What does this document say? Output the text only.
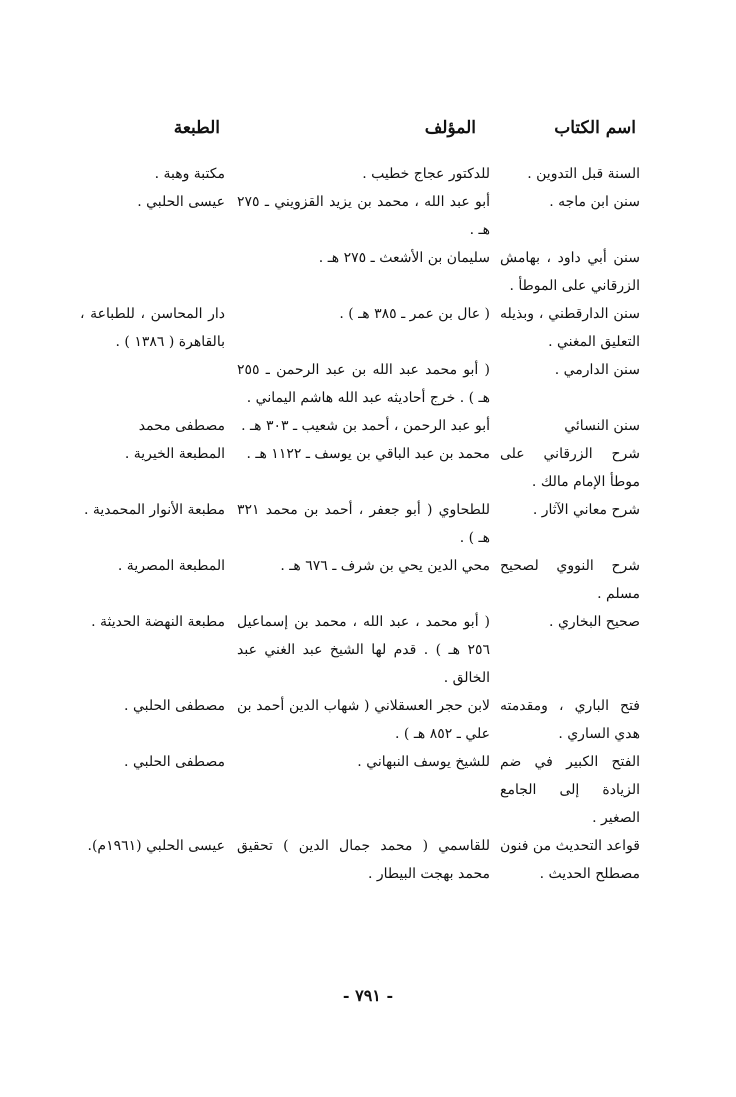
اسم الكتاب
المؤلف
الطبعة
السنة قبل التدوين .
للدكتور عجاج خطيب .
مكتبة وهبة .
سنن ابن ماجه .
أبو عبد الله ، محمد بن يزيد القزويني ـ ٢٧٥ هـ .
عيسى الحلبي .
سنن أبي داود ، بهامش الزرقاني على الموطأ .
سليمان بن الأشعث ـ ٢٧٥ هـ .
سنن الدارقطني ، وبذيله التعليق المغني .
( عال بن عمر ـ ٣٨٥ هـ ) .
دار المحاسن ، للطباعة ، بالقاهرة ( ١٣٨٦ ) .
سنن الدارمي .
( أبو محمد عبد الله بن عبد الرحمن ـ ٢٥٥ هـ ) . خرج أحاديثه عبد الله هاشم اليماني .
سنن النسائي
أبو عبد الرحمن ، أحمد بن شعيب ـ ٣٠٣ هـ .
مصطفى محمد
شرح الزرقاني على موطأ الإمام مالك .
محمد بن عبد الباقي بن يوسف ـ ١١٢٢ هـ .
المطبعة الخيرية .
شرح معاني الآثار .
للطحاوي ( أبو جعفر ، أحمد بن محمد ٣٢١ هـ ) .
مطبعة الأنوار المحمدية .
شرح النووي لصحيح مسلم .
محي الدين يحي بن شرف ـ ٦٧٦ هـ .
المطبعة المصرية .
صحيح البخاري .
( أبو محمد ، عبد الله ، محمد بن إسماعيل ٢٥٦ هـ ) . قدم لها الشيخ عبد الغني عبد الخالق .
مطبعة النهضة الحديثة .
فتح الباري ، ومقدمته هدي الساري .
لابن حجر العسقلاني ( شهاب الدين أحمد بن علي ـ ٨٥٢ هـ ) .
مصطفى الحلبي .
الفتح الكبير في ضم الزيادة إلى الجامع الصغير .
للشيخ يوسف النبهاني .
مصطفى الحلبي .
قواعد التحديث من فنون مصطلح الحديث .
للقاسمي ( محمد جمال الدين ) تحقيق محمد بهجت البيطار .
عيسى الحلبي (١٩٦١م).
- ٧٩١ -
